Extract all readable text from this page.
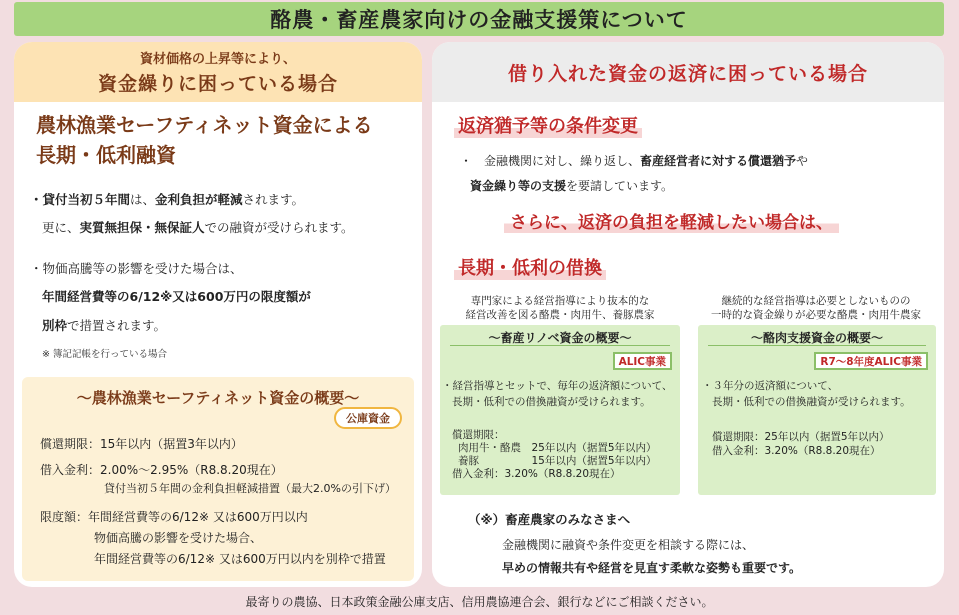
酪農・畜産農家向けの金融支援策について
資材価格の上昇等により、
資金繰りに困っている場合
農林漁業セーフティネット資金による
長期・低利融資
・貸付当初５年間は、金利負担が軽減されます。
更に、実質無担保・無保証人での融資が受けられます。
・物価高騰等の影響を受けた場合は、
年間経営費等の6/12※又は600万円の限度額が
別枠で措置されます。
※ 簿記記帳を行っている場合
～農林漁業セーフティネット資金の概要～
公庫資金
償還期限：15年以内（据置3年以内）
借入金利：2.00%～2.95%（R8.8.20現在）
貸付当初５年間の金利負担軽減措置（最大2.0%の引下げ）
限度額：年間経営費等の6/12※ 又は600万円以内
物価高騰の影響を受けた場合、
年間経営費等の6/12※ 又は600万円以内を別枠で措置
借り入れた資金の返済に困っている場合
返済猶予等の条件変更
・　金融機関に対し、繰り返し、畜産経営者に対する償還猶予や
資金繰り等の支援を要請しています。
さらに、返済の負担を軽減したい場合は、
長期・低利の借換
専門家による経営指導により抜本的な
経営改善を図る酪農・肉用牛、養豚農家
継続的な経営指導は必要としないものの
一時的な資金繰りが必要な酪農・肉用牛農家
～畜産リノベ資金の概要～
ALIC事業
・経営指導とセットで、毎年の返済額について、
長期・低利での借換融資が受けられます。
償還期限：
肉用牛・酪農　25年以内（据置5年以内）
養豚　　　　　15年以内（据置5年以内）
借入金利：3.20%（R8.8.20現在）
～酪肉支援資金の概要～
R7～8年度ALIC事業
・３年分の返済額について、
長期・低利での借換融資が受けられます。
償還期限：25年以内（据置5年以内）
借入金利：3.20%（R8.8.20現在）
（※）畜産農家のみなさまへ
金融機関に融資や条件変更を相談する際には、
早めの情報共有や経営を見直す柔軟な姿勢も重要です。
最寄りの農協、日本政策金融公庫支店、信用農協連合会、銀行などにご相談ください。
